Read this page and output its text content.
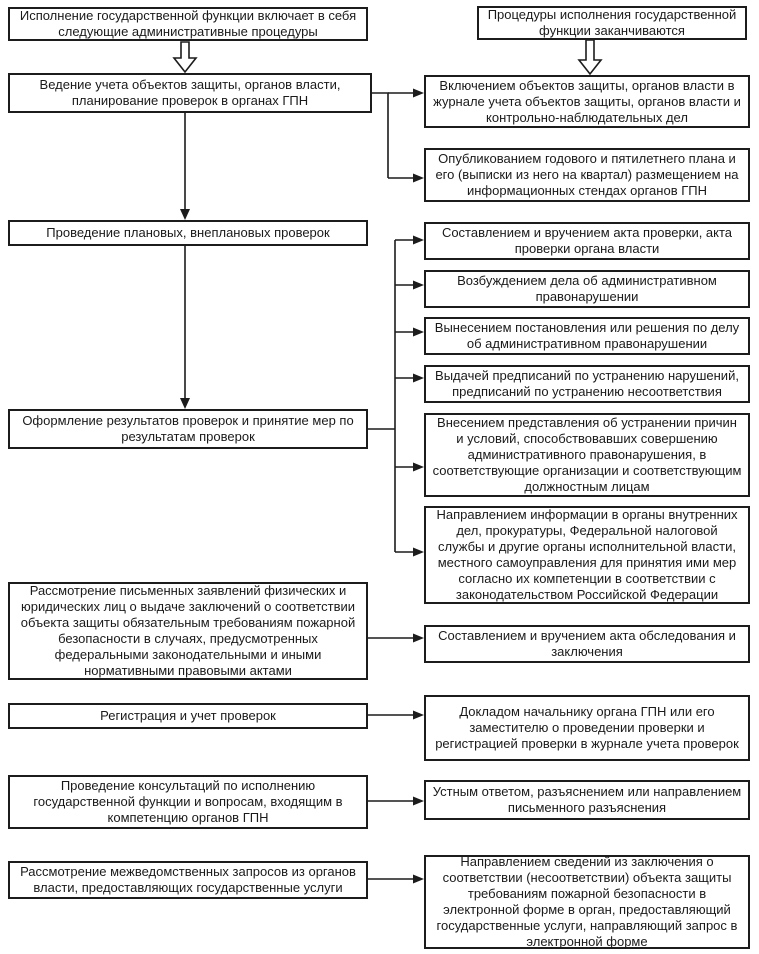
Исполнение государственной функции включает в себя следующие административные процедуры
Ведение учета объектов защиты, органов власти, планирование проверок в органах ГПН
Проведение плановых, внеплановых проверок
Оформление результатов проверок и принятие мер по результатам проверок
Рассмотрение письменных заявлений физических и юридических лиц о выдаче заключений о соответствии объекта защиты обязательным требованиям пожарной безопасности в случаях, предусмотренных федеральными законодательными и иными нормативными правовыми актами
Регистрация и учет проверок
Проведение консультаций по исполнению государственной функции и вопросам, входящим в компетенцию органов ГПН
Рассмотрение межведомственных запросов из органов власти, предоставляющих государственные услуги
Процедуры исполнения государственной функции заканчиваются
Включением объектов защиты, органов власти в журнале учета объектов защиты, органов власти и контрольно-наблюдательных дел
Опубликованием годового и пятилетнего плана и его (выписки из него на квартал) размещением на информационных стендах органов ГПН
Составлением и вручением акта проверки, акта проверки органа власти
Возбуждением дела об административном правонарушении
Вынесением постановления или решения по делу об административном правонарушении
Выдачей предписаний по устранению нарушений, предписаний по устранению несоответствия
Внесением представления об устранении причин и условий, способствовавших совершению административного правонарушения, в соответствующие организации и соответствующим должностным лицам
Направлением информации в органы внутренних дел, прокуратуры, Федеральной налоговой службы и другие органы исполнительной власти, местного самоуправления для принятия ими мер согласно их компетенции в соответствии с законодательством Российской Федерации
Составлением и вручением акта обследования и заключения
Докладом начальнику органа ГПН или его заместителю о проведении проверки и регистрацией проверки в журнале учета проверок
Устным ответом, разъяснением или направлением письменного разъяснения
Направлением сведений из заключения о соответствии (несоответствии) объекта защиты требованиям пожарной безопасности в электронной форме в орган, предоставляющий государственные услуги, направляющий запрос в электронной форме
